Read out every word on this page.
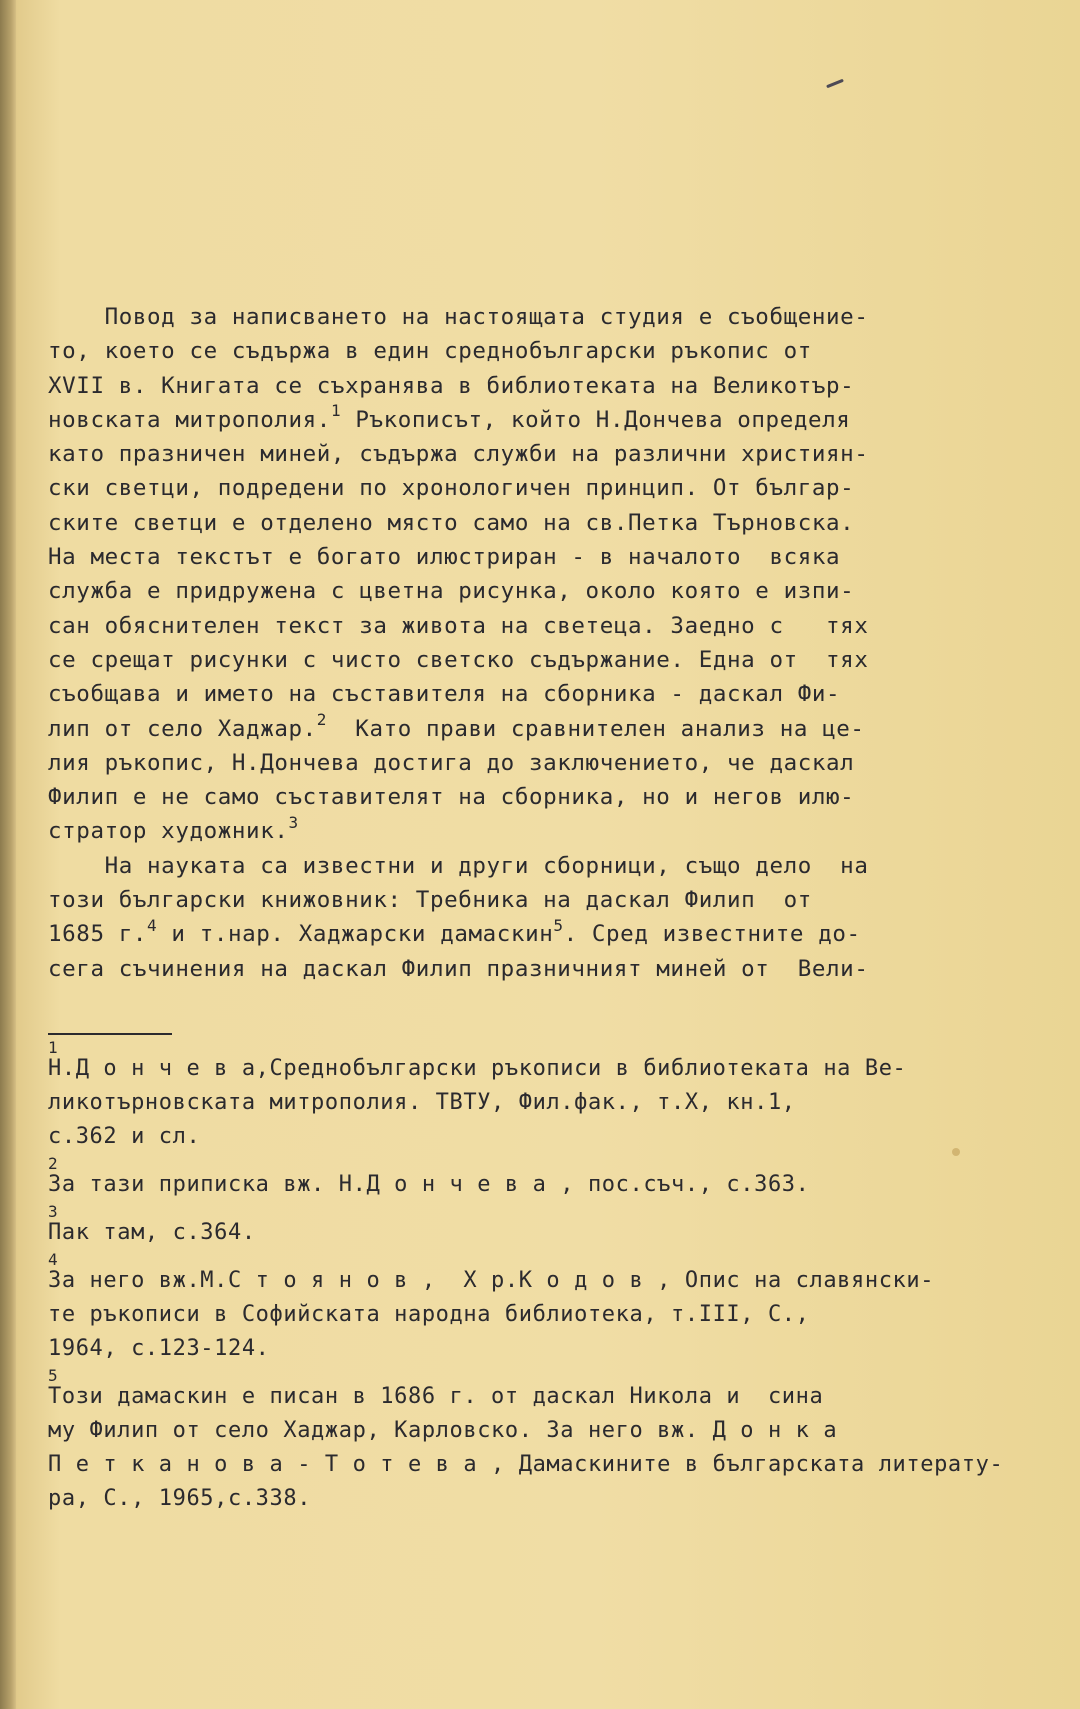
Повод за написването на настоящата студия е съобщение-
то, което се съдържа в един среднобългарски ръкопис от
XVII в. Книгата се съхранява в библиотеката на Великотър-
новската митрополия.$^1$ Ръкописът, който Н.Дончева определя
като празничен миней, съдържа служби на различни християн-
ски светци, подредени по хронологичен принцип. От българ-
ските светци е отделено място само на св.Петка Търновска.
На места текстът е богато илюстриран - в началото  всяка
служба е придружена с цветна рисунка, около която е изпи-
сан обяснителен текст за живота на светеца. Заедно с   тях
се срещат рисунки с чисто светско съдържание. Една от  тях
съобщава и името на съставителя на сборника - даскал Фи-
лип от село Хаджар.$^2$  Като прави сравнителен анализ на це-
лия ръкопис, Н.Дончева достига до заключението, че даскал
Филип е не само съставителят на сборника, но и негов илю-
стратор художник.$^3$

На науката са известни и други сборници, също дело  на
този български книжовник: Требника на даскал Филип  от
1685 г.$^4$ и т.нар. Хаджарски дамаскин$^5$. Сред известните до-
сега съчинения на даскал Филип празничният миней от  Вели-

1
Н.Д о н ч е в а,Среднобългарски ръкописи в библиотеката на Ве-
ликотърновската митрополия. ТВТУ, Фил.фак., т.Х, кн.1,
с.362 и сл.
2
За тази приписка вж. Н.Д о н ч е в а , пос.съч., с.363.
3
Пак там, с.364.
4
За него вж.М.С т о я н о в ,  Х р.К о д о в , Опис на славянски-
те ръкописи в Софийската народна библиотека, т.III, С.,
1964, с.123-124.
5
Този дамаскин е писан в 1686 г. от даскал Никола и  сина
му Филип от село Хаджар, Карловско. За него вж. Д о н к а
П е т к а н о в а - Т о т е в а , Дамаскините в българската литерату-
ра, С., 1965,с.338.
